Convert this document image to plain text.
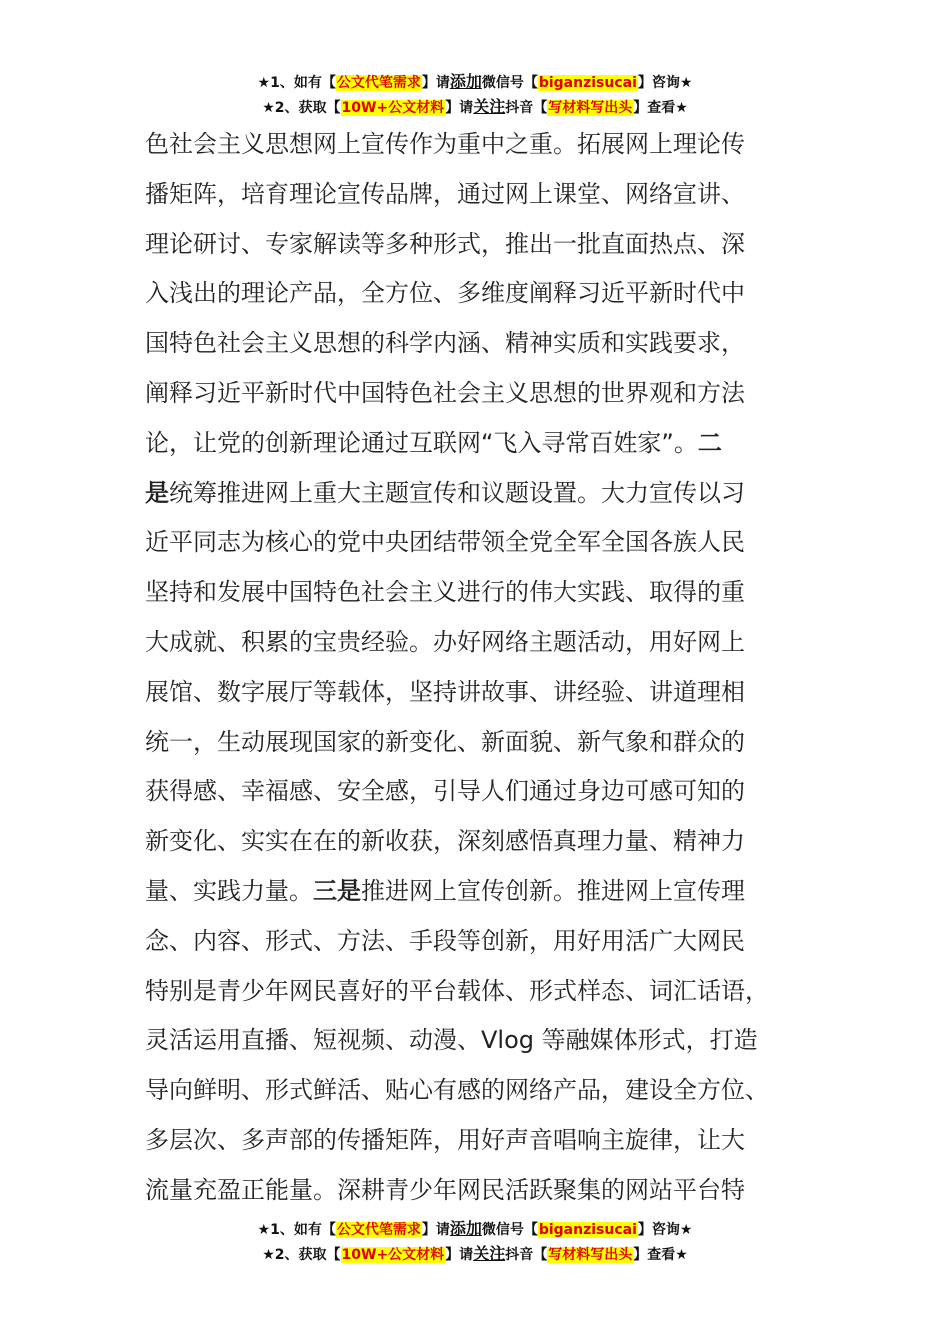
★1、如有【公文代笔需求】请添加微信号【biganzisucai】咨询★
★2、获取【10W+公文材料】请关注抖音【写材料写出头】查看★
色社会主义思想网上宣传作为重中之重。拓展网上理论传
播矩阵，培育理论宣传品牌，通过网上课堂、网络宣讲、
理论研讨、专家解读等多种形式，推出一批直面热点、深
入浅出的理论产品，全方位、多维度阐释习近平新时代中
国特色社会主义思想的科学内涵、精神实质和实践要求，
阐释习近平新时代中国特色社会主义思想的世界观和方法
论，让党的创新理论通过互联网“飞入寻常百姓家”。二
是统筹推进网上重大主题宣传和议题设置。大力宣传以习
近平同志为核心的党中央团结带领全党全军全国各族人民
坚持和发展中国特色社会主义进行的伟大实践、取得的重
大成就、积累的宝贵经验。办好网络主题活动，用好网上
展馆、数字展厅等载体，坚持讲故事、讲经验、讲道理相
统一，生动展现国家的新变化、新面貌、新气象和群众的
获得感、幸福感、安全感，引导人们通过身边可感可知的
新变化、实实在在的新收获，深刻感悟真理力量、精神力
量、实践力量。三是推进网上宣传创新。推进网上宣传理
念、内容、形式、方法、手段等创新，用好用活广大网民
特别是青少年网民喜好的平台载体、形式样态、词汇话语，
灵活运用直播、短视频、动漫、Vlog 等融媒体形式，打造
导向鲜明、形式鲜活、贴心有感的网络产品，建设全方位、
多层次、多声部的传播矩阵，用好声音唱响主旋律，让大
流量充盈正能量。深耕青少年网民活跃聚集的网站平台特
★1、如有【公文代笔需求】请添加微信号【biganzisucai】咨询★
★2、获取【10W+公文材料】请关注抖音【写材料写出头】查看★
